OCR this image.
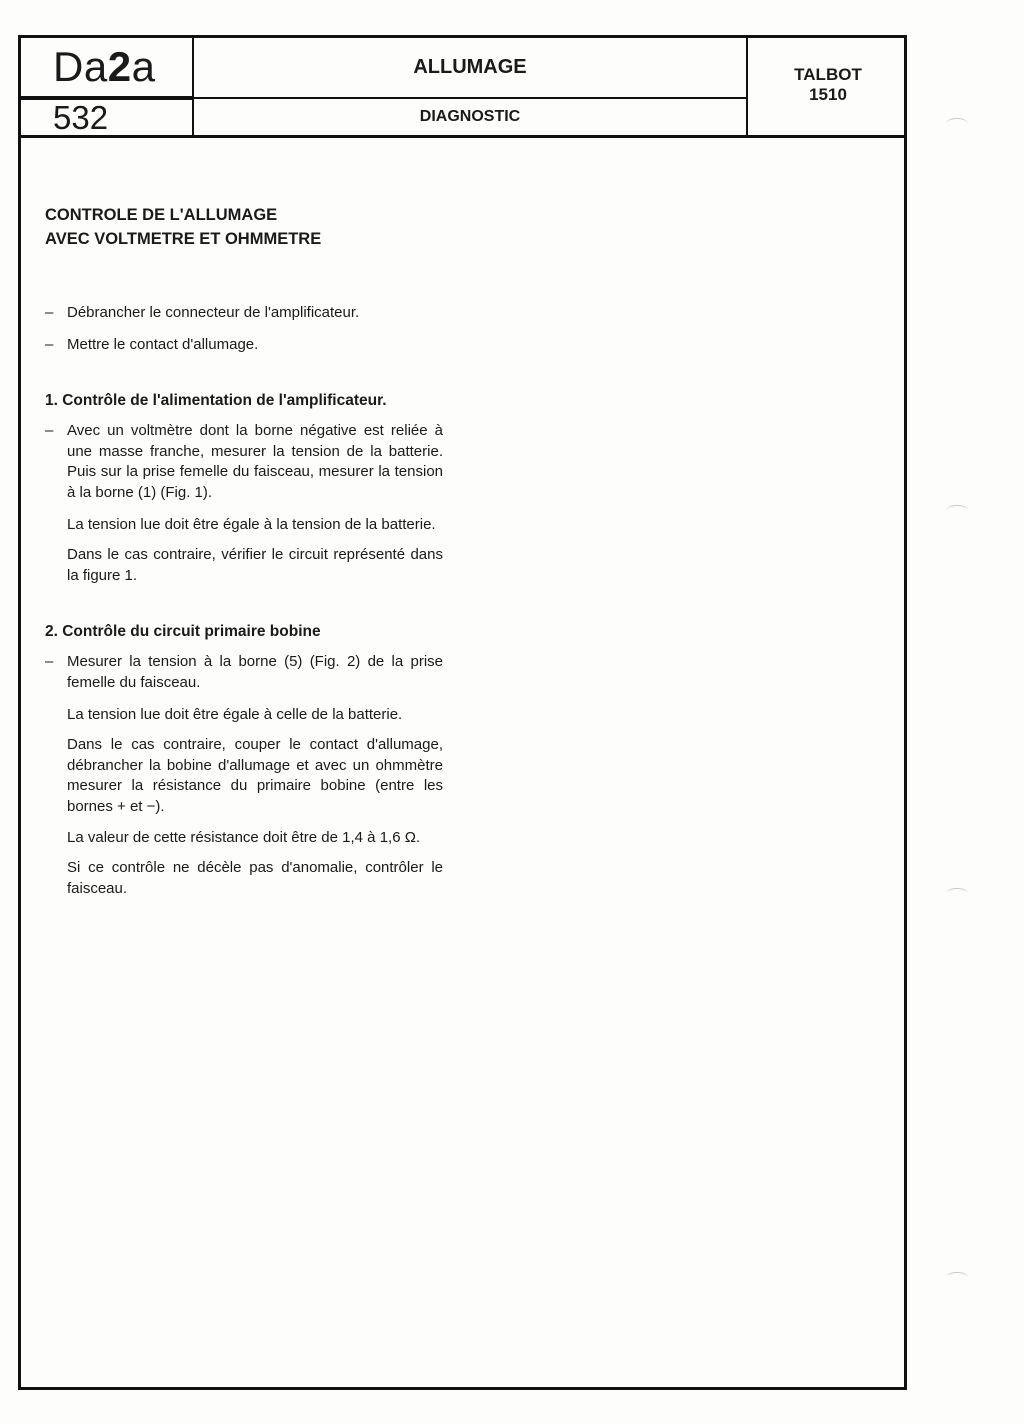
Da2a
532
ALLUMAGE
DIAGNOSTIC
TALBOT
1510

CONTROLE DE L'ALLUMAGE

AVEC VOLTMETRE ET OHMMETRE

– Débrancher le connecteur de l'amplificateur.
– Mettre le contact d'allumage.

1. Contrôle de l'alimentation de l'amplificateur.

– Avec un voltmètre dont la borne négative est reliée à une masse franche, mesurer la tension de la batterie. Puis sur la prise femelle du faisceau, mesurer la tension à la borne (1) (Fig. 1).

La tension lue doit être égale à la tension de la batterie.

Dans le cas contraire, vérifier le circuit représenté dans la figure 1.

2. Contrôle du circuit primaire bobine

– Mesurer la tension à la borne (5) (Fig. 2) de la prise femelle du faisceau.

La tension lue doit être égale à celle de la batterie.

Dans le cas contraire, couper le contact d'allumage, débrancher la bobine d'allumage et avec un ohmmètre mesurer la résistance du primaire bobine (entre les bornes + et −).

La valeur de cette résistance doit être de 1,4 à 1,6 Ω.

Si ce contrôle ne décèle pas d'anomalie, contrôler le faisceau.
